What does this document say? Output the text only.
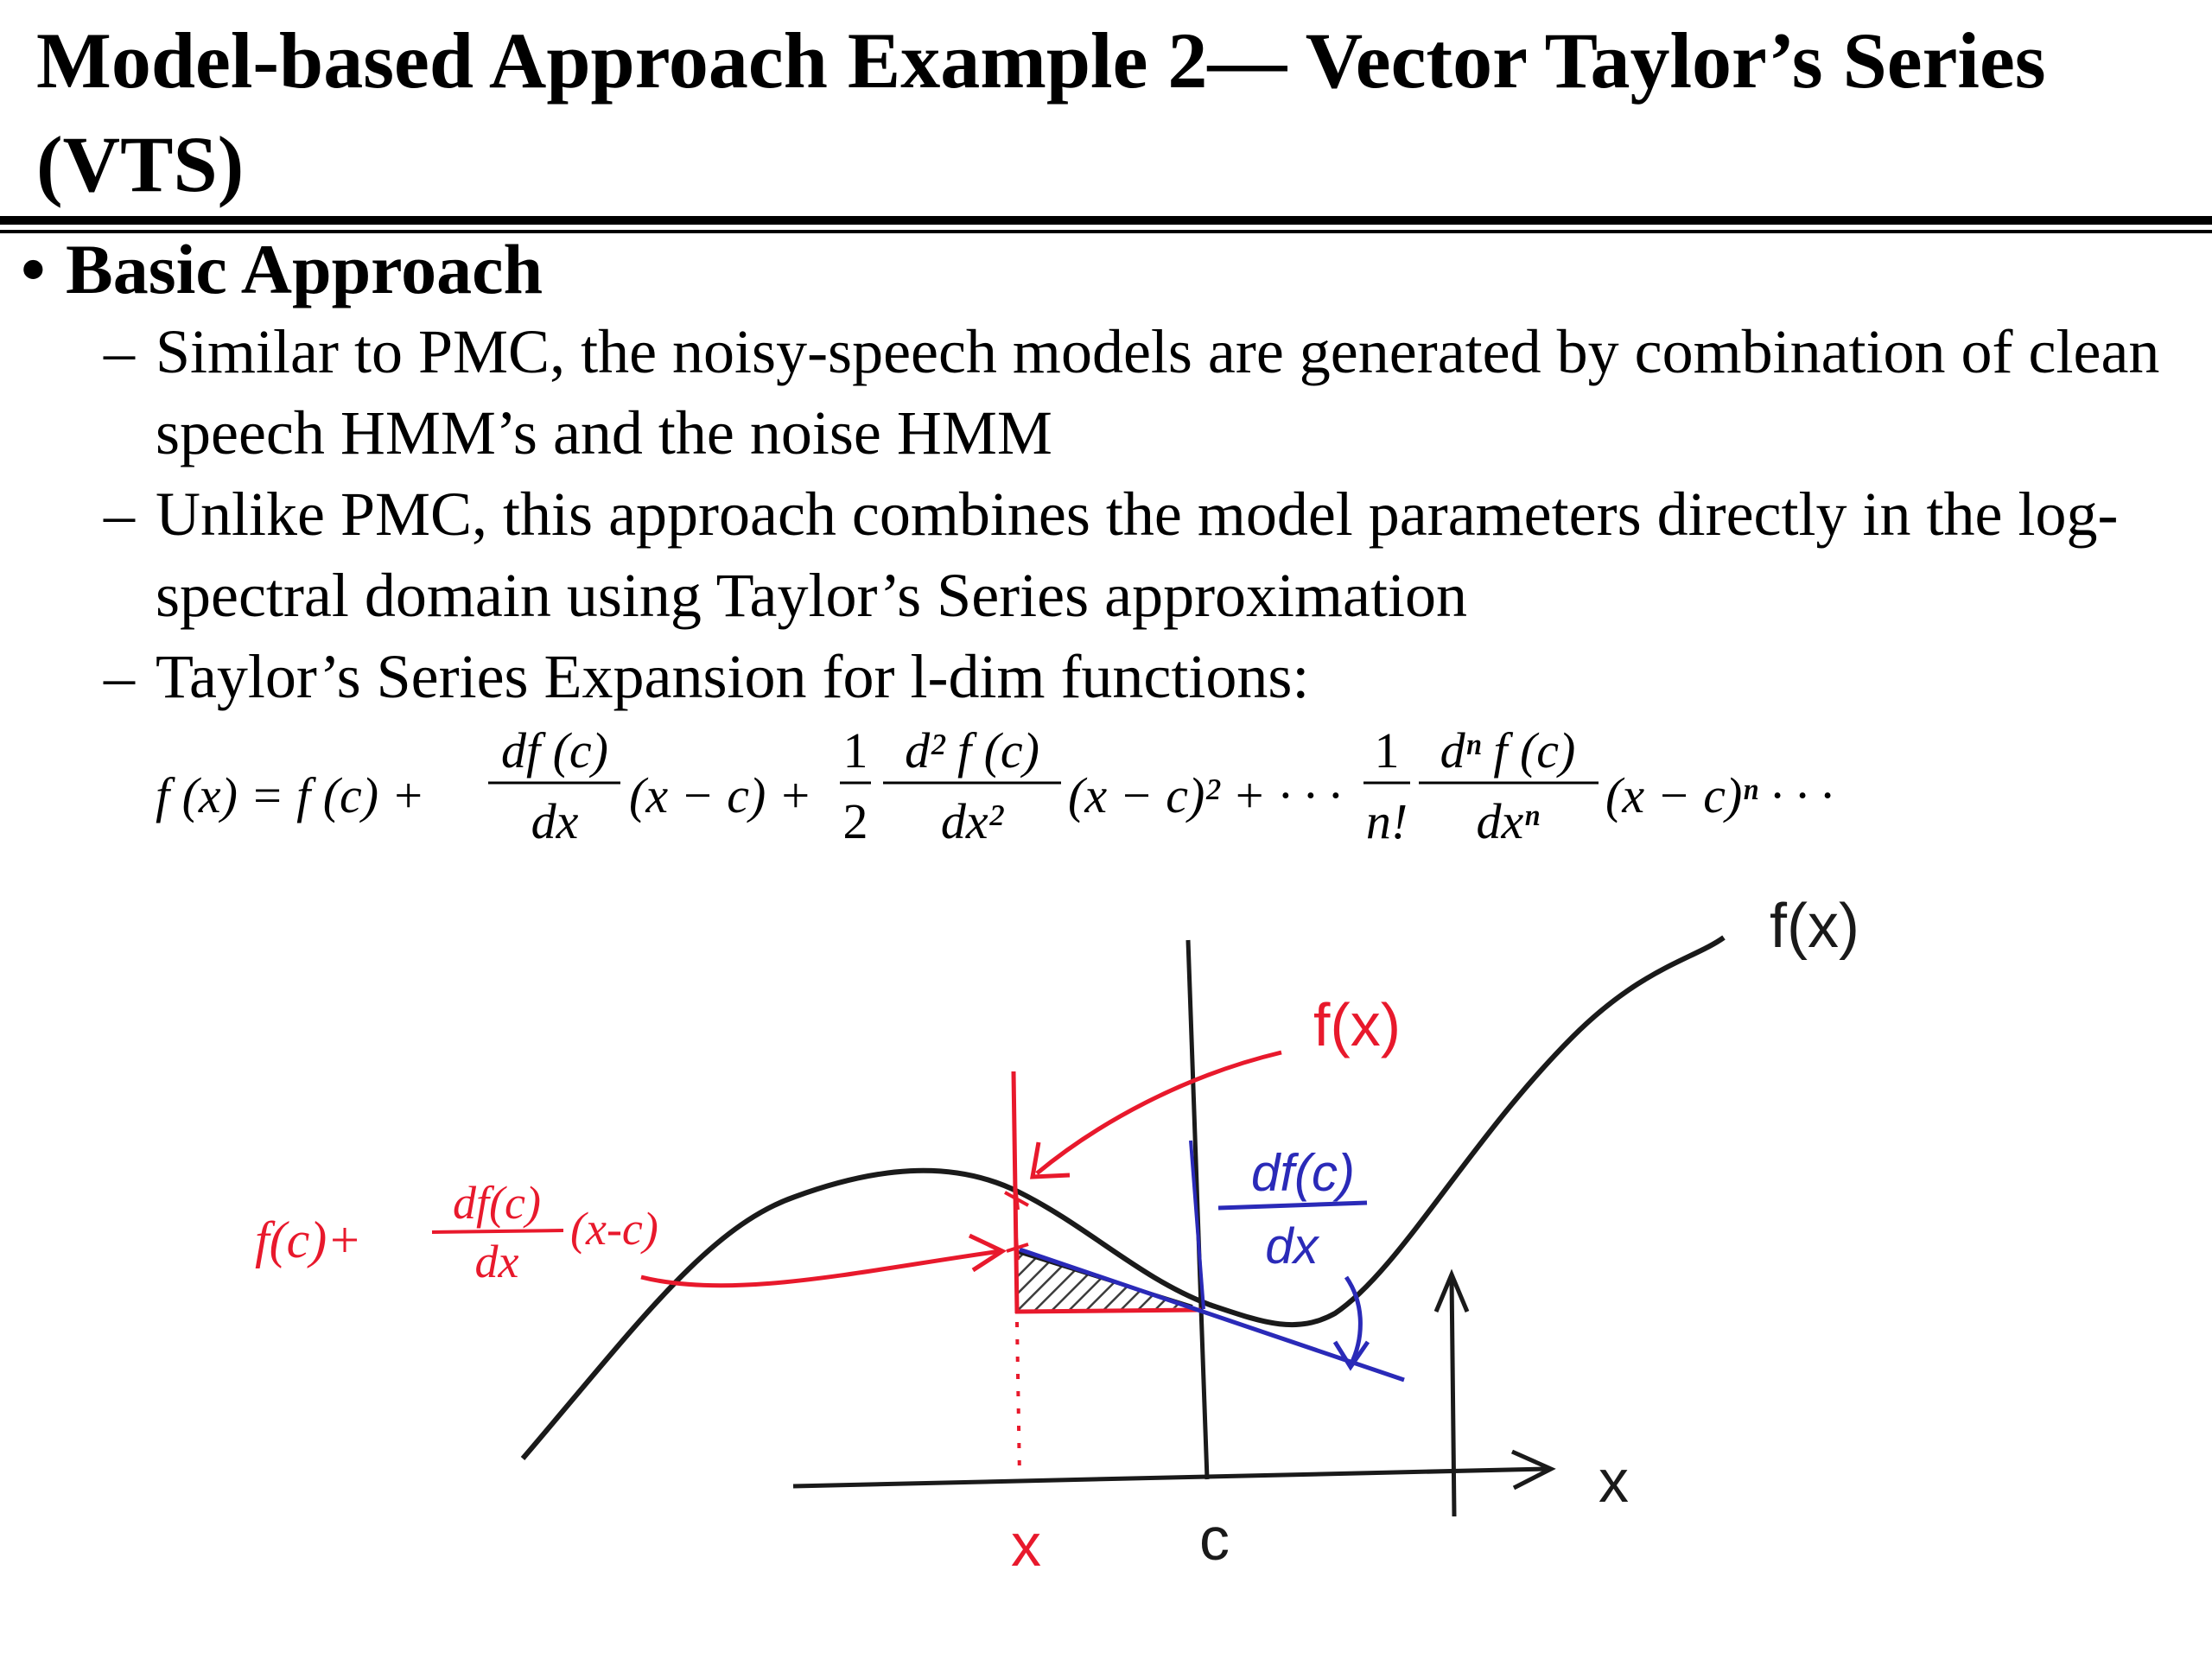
Model-based Approach Example 2— Vector Taylor’s Series (VTS)
• Basic Approach
– Similar to PMC, the noisy-speech models are generated by combination of clean speech HMM’s and the noise HMM
– Unlike PMC, this approach combines the model parameters directly in the log-spectral domain using Taylor’s Series approximation
– Taylor’s Series Expansion for l-dim functions:
f (x) = f (c) +
df (c)
dx (x − c) +
1
2
d² f (c)
dx² (x − c)² + · · ·
1
n!
dⁿ f (c)
dxⁿ (x − c)ⁿ · · ·
df(c)
dx
f(x)
f(c)+
df(c)
dx
(x-c)
f(x)
x
x	c
